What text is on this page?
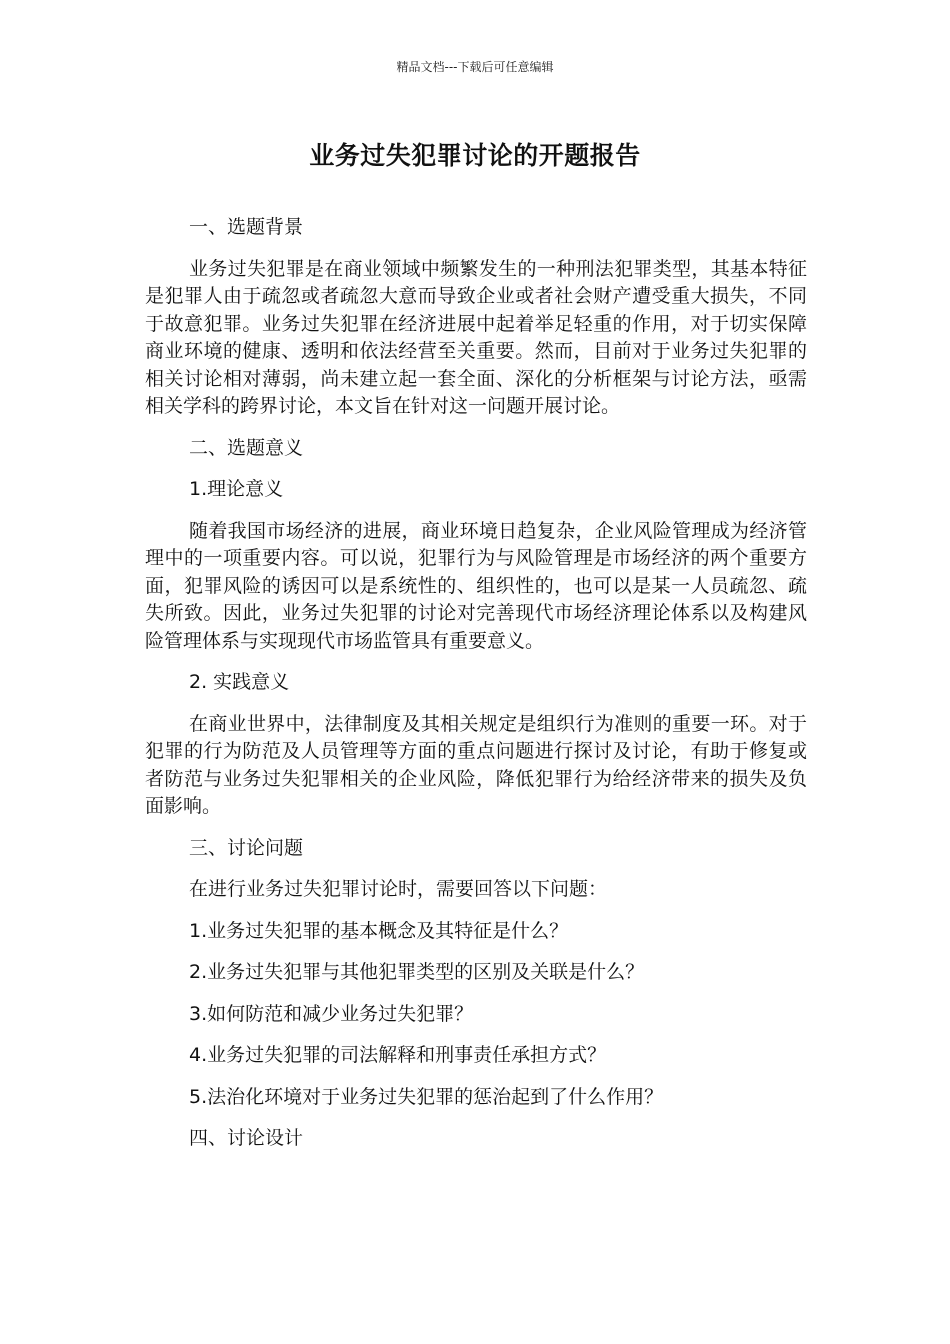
精品文档---下载后可任意编辑
业务过失犯罪讨论的开题报告
一、选题背景

业务过失犯罪是在商业领域中频繁发生的一种刑法犯罪类型，其基本特征是犯罪人由于疏忽或者疏忽大意而导致企业或者社会财产遭受重大损失，不同于故意犯罪。业务过失犯罪在经济进展中起着举足轻重的作用，对于切实保障商业环境的健康、透明和依法经营至关重要。然而，目前对于业务过失犯罪的相关讨论相对薄弱，尚未建立起一套全面、深化的分析框架与讨论方法，亟需相关学科的跨界讨论，本文旨在针对这一问题开展讨论。

二、选题意义
1.理论意义

随着我国市场经济的进展，商业环境日趋复杂，企业风险管理成为经济管理中的一项重要内容。可以说，犯罪行为与风险管理是市场经济的两个重要方面，犯罪风险的诱因可以是系统性的、组织性的，也可以是某一人员疏忽、疏失所致。因此，业务过失犯罪的讨论对完善现代市场经济理论体系以及构建风险管理体系与实现现代市场监管具有重要意义。

2. 实践意义

在商业世界中，法律制度及其相关规定是组织行为准则的重要一环。对于犯罪的行为防范及人员管理等方面的重点问题进行探讨及讨论，有助于修复或者防范与业务过失犯罪相关的企业风险，降低犯罪行为给经济带来的损失及负面影响。

三、讨论问题
在进行业务过失犯罪讨论时，需要回答以下问题：
1.业务过失犯罪的基本概念及其特征是什么？
2.业务过失犯罪与其他犯罪类型的区别及关联是什么？
3.如何防范和减少业务过失犯罪？
4.业务过失犯罪的司法解释和刑事责任承担方式？
5.法治化环境对于业务过失犯罪的惩治起到了什么作用？
四、讨论设计
